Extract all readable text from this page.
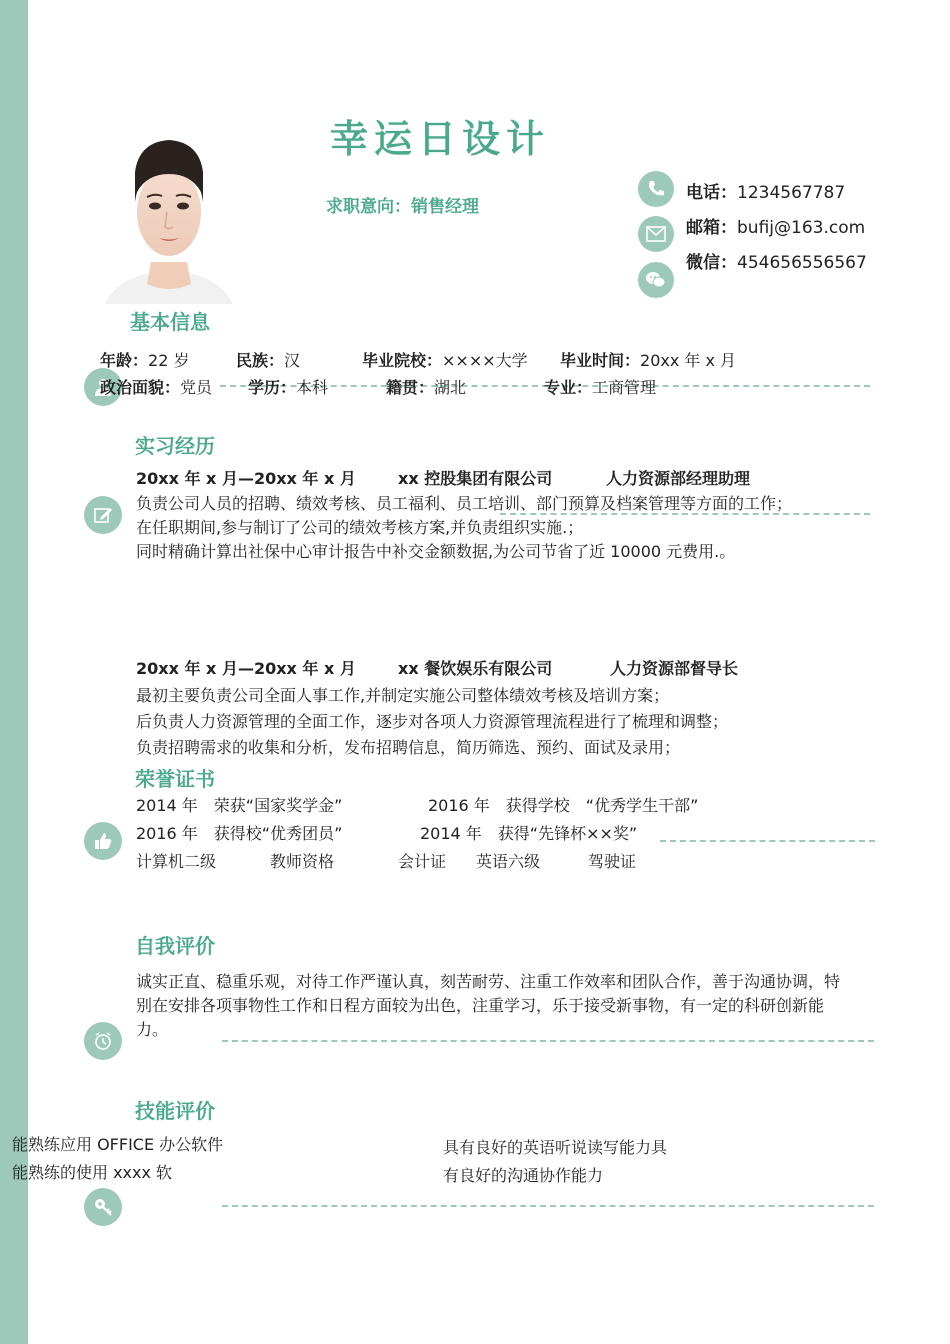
幸运日设计
求职意向：销售经理
电话：1234567787
邮箱：bufij@163.com
微信：454656556567
基本信息
年龄：22 岁	民族：汉	毕业院校：××××大学 毕业时间：20xx 年 x 月
政治面貌：党员 学历：本科	籍贯：湖北	专业：工商管理
实习经历
20xx 年 x 月—20xx 年 x 月	xx 控股集团有限公司	人力资源部经理助理
负责公司人员的招聘、绩效考核、员工福利、员工培训、部门预算及档案管理等方面的工作；
在任职期间,参与制订了公司的绩效考核方案,并负责组织实施.；
同时精确计算出社保中心审计报告中补交金额数据,为公司节省了近 10000 元费用.。
20xx 年 x 月—20xx 年 x 月	xx 餐饮娱乐有限公司	人力资源部督导长
最初主要负责公司全面人事工作,并制定实施公司整体绩效考核及培训方案；
后负责人力资源管理的全面工作，逐步对各项人力资源管理流程进行了梳理和调整；
负责招聘需求的收集和分析，发布招聘信息，简历筛选、预约、面试及录用；
荣誉证书
2014 年　荣获“国家奖学金”	2016 年　获得学校　“优秀学生干部”
2016 年　获得校“优秀团员”	2014 年　获得“先锋杯××奖”
计算机二级	教师资格	会计证 英语六级	驾驶证
自我评价
诚实正直、稳重乐观，对待工作严谨认真，刻苦耐劳、注重工作效率和团队合作，善于沟通协调，特别在安排各项事物性工作和日程方面较为出色，注重学习，乐于接受新事物，有一定的科研创新能力。
技能评价
能熟练应用 OFFICE 办公软件
能熟练的使用 xxxx 软
具有良好的英语听说读写能力具
有良好的沟通协作能力
